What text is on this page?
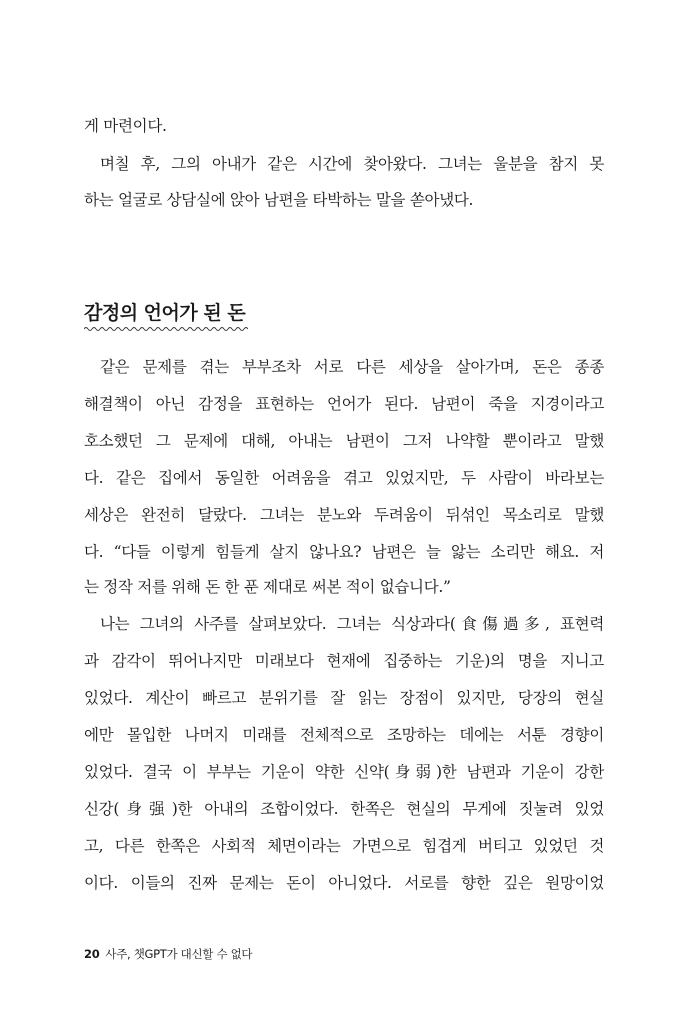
게 마련이다.
며칠 후, 그의 아내가 같은 시간에 찾아왔다. 그녀는 울분을 참지 못
하는 얼굴로 상담실에 앉아 남편을 타박하는 말을 쏟아냈다.
감정의 언어가 된 돈
같은 문제를 겪는 부부조차 서로 다른 세상을 살아가며, 돈은 종종
해결책이 아닌 감정을 표현하는 언어가 된다. 남편이 죽을 지경이라고
호소했던 그 문제에 대해, 아내는 남편이 그저 나약할 뿐이라고 말했
다. 같은 집에서 동일한 어려움을 겪고 있었지만, 두 사람이 바라보는
세상은 완전히 달랐다. 그녀는 분노와 두려움이 뒤섞인 목소리로 말했
다. “다들 이렇게 힘들게 살지 않나요? 남편은 늘 앓는 소리만 해요. 저
는 정작 저를 위해 돈 한 푼 제대로 써본 적이 없습니다.”
나는 그녀의 사주를 살펴보았다. 그녀는 식상과다(食傷過多, 표현력
과 감각이 뛰어나지만 미래보다 현재에 집중하는 기운)의 명을 지니고
있었다. 계산이 빠르고 분위기를 잘 읽는 장점이 있지만, 당장의 현실
에만 몰입한 나머지 미래를 전체적으로 조망하는 데에는 서툰 경향이
있었다. 결국 이 부부는 기운이 약한 신약(身弱)한 남편과 기운이 강한
신강(身强)한 아내의 조합이었다. 한쪽은 현실의 무게에 짓눌려 있었
고, 다른 한쪽은 사회적 체면이라는 가면으로 힘겹게 버티고 있었던 것
이다. 이들의 진짜 문제는 돈이 아니었다. 서로를 향한 깊은 원망이었
20 사주, 챗GPT가 대신할 수 없다
